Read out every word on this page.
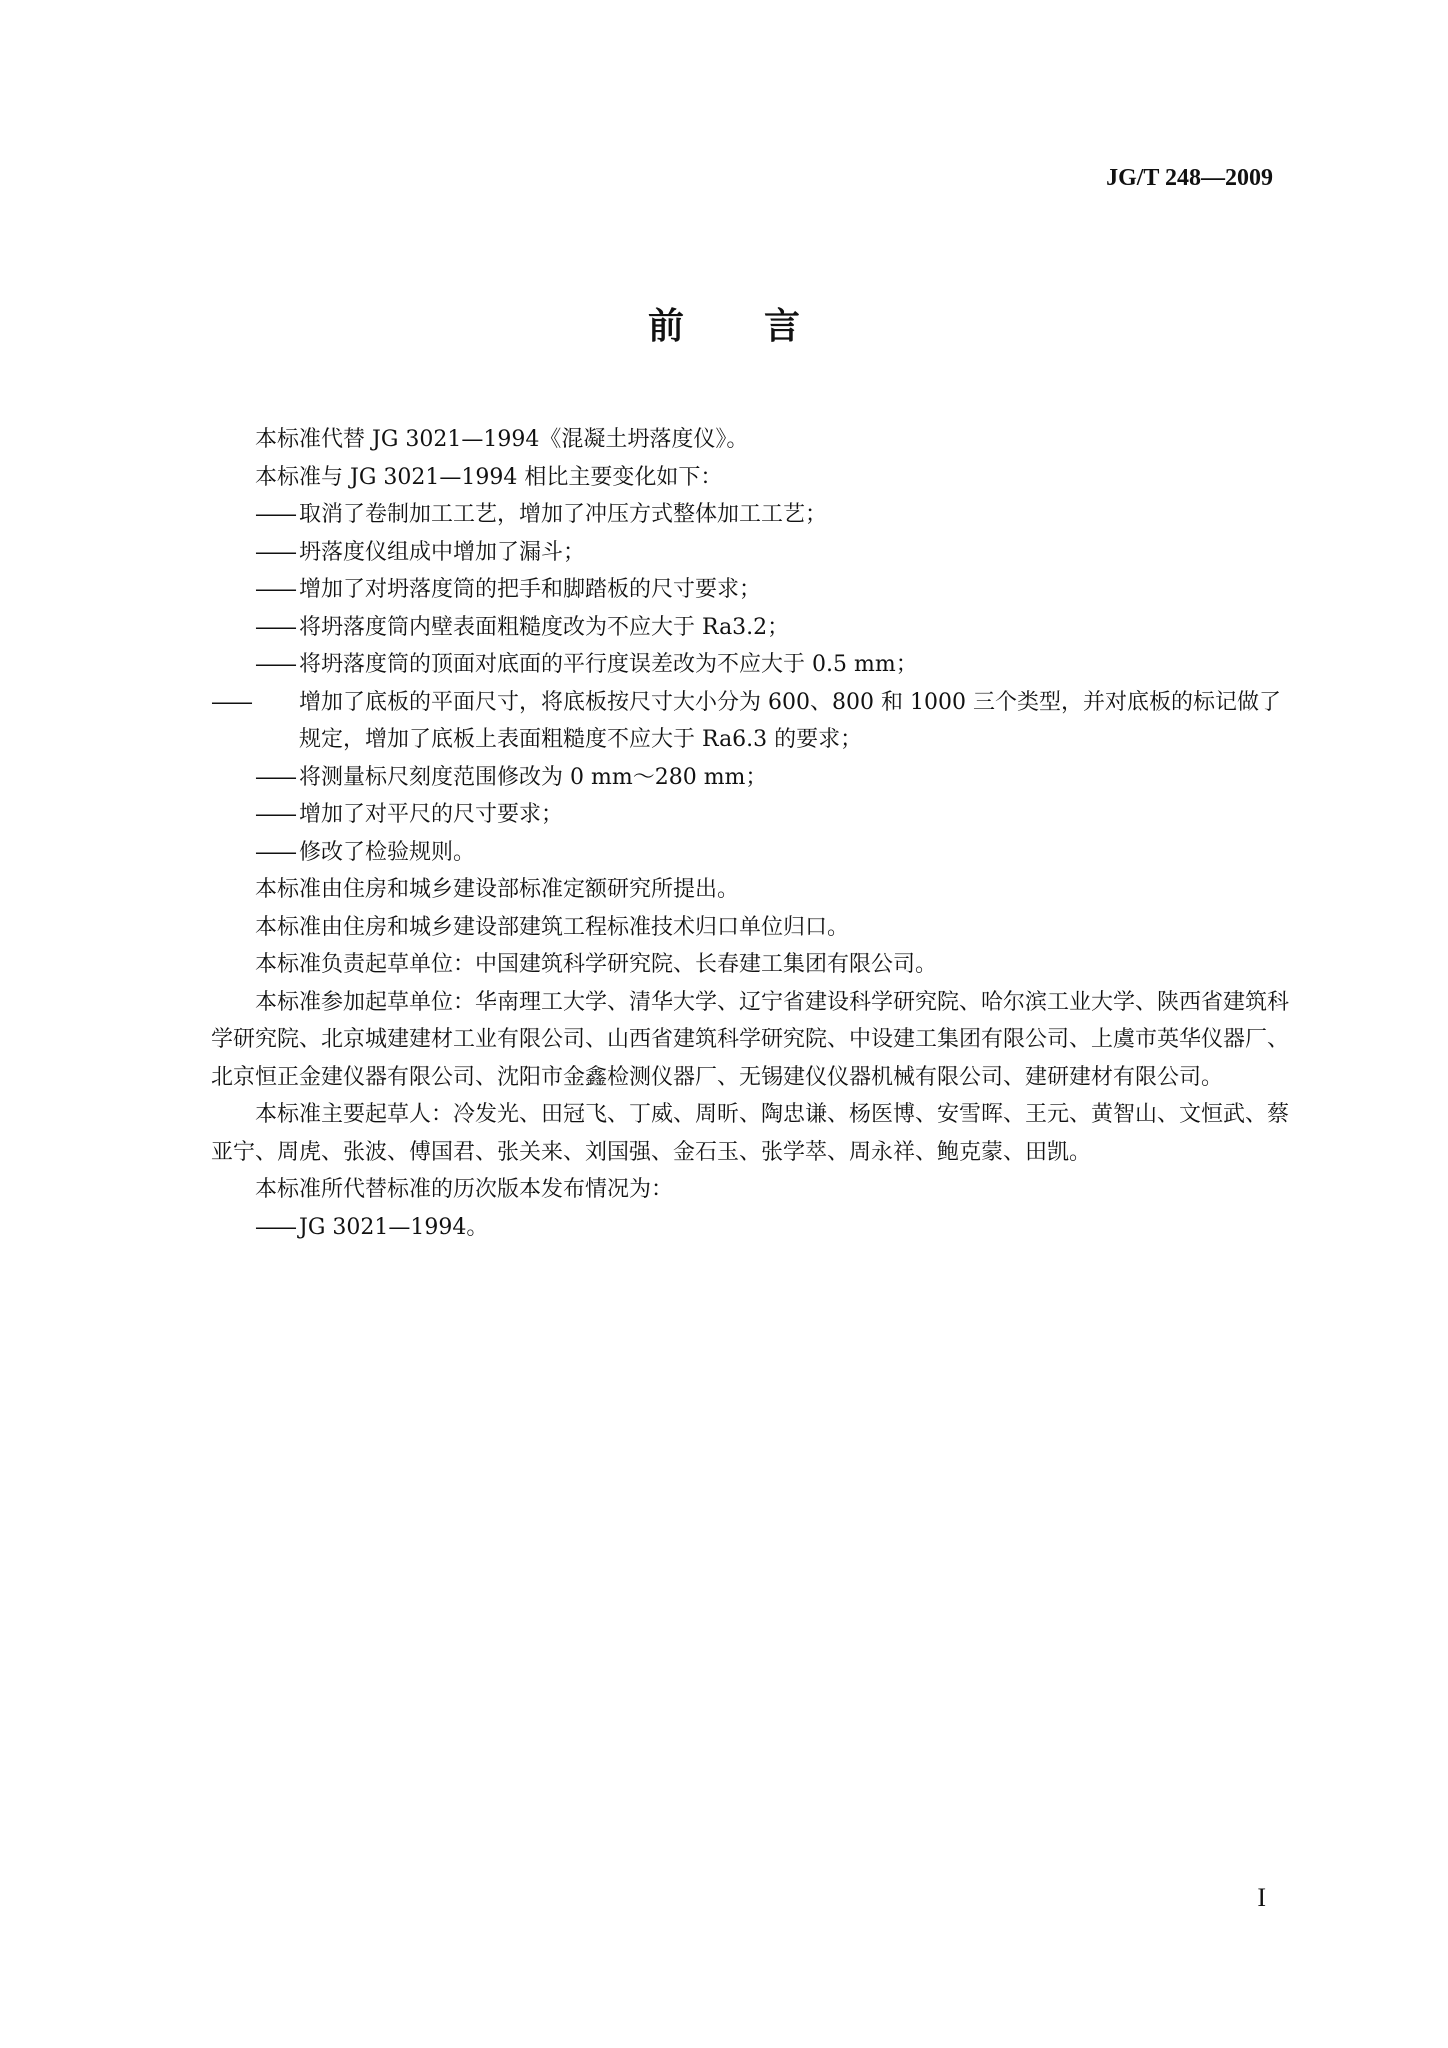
JG/T 248—2009
前言

本标准代替 JG 3021—1994《混凝土坍落度仪》。

本标准与 JG 3021—1994 相比主要变化如下：

—— 取消了卷制加工工艺，增加了冲压方式整体加工工艺；

—— 坍落度仪组成中增加了漏斗；

—— 增加了对坍落度筒的把手和脚踏板的尺寸要求；

—— 将坍落度筒内壁表面粗糙度改为不应大于 Ra3.2；

—— 将坍落度筒的顶面对底面的平行度误差改为不应大于 0.5 mm；

—— 增加了底板的平面尺寸，将底板按尺寸大小分为 600、800 和 1000 三个类型，并对底板的标记做了规定，增加了底板上表面粗糙度不应大于 Ra6.3 的要求；

—— 将测量标尺刻度范围修改为 0 mm～280 mm；

—— 增加了对平尺的尺寸要求；

—— 修改了检验规则。

本标准由住房和城乡建设部标准定额研究所提出。

本标准由住房和城乡建设部建筑工程标准技术归口单位归口。

本标准负责起草单位：中国建筑科学研究院、长春建工集团有限公司。

本标准参加起草单位：华南理工大学、清华大学、辽宁省建设科学研究院、哈尔滨工业大学、陕西省建筑科学研究院、北京城建建材工业有限公司、山西省建筑科学研究院、中设建工集团有限公司、上虞市英华仪器厂、北京恒正金建仪器有限公司、沈阳市金鑫检测仪器厂、无锡建仪仪器机械有限公司、建研建材有限公司。

本标准主要起草人：冷发光、田冠飞、丁威、周昕、陶忠谦、杨医博、安雪晖、王元、黄智山、文恒武、蔡亚宁、周虎、张波、傅国君、张关来、刘国强、金石玉、张学萃、周永祥、鲍克蒙、田凯。

本标准所代替标准的历次版本发布情况为：

—— JG 3021—1994。

I
